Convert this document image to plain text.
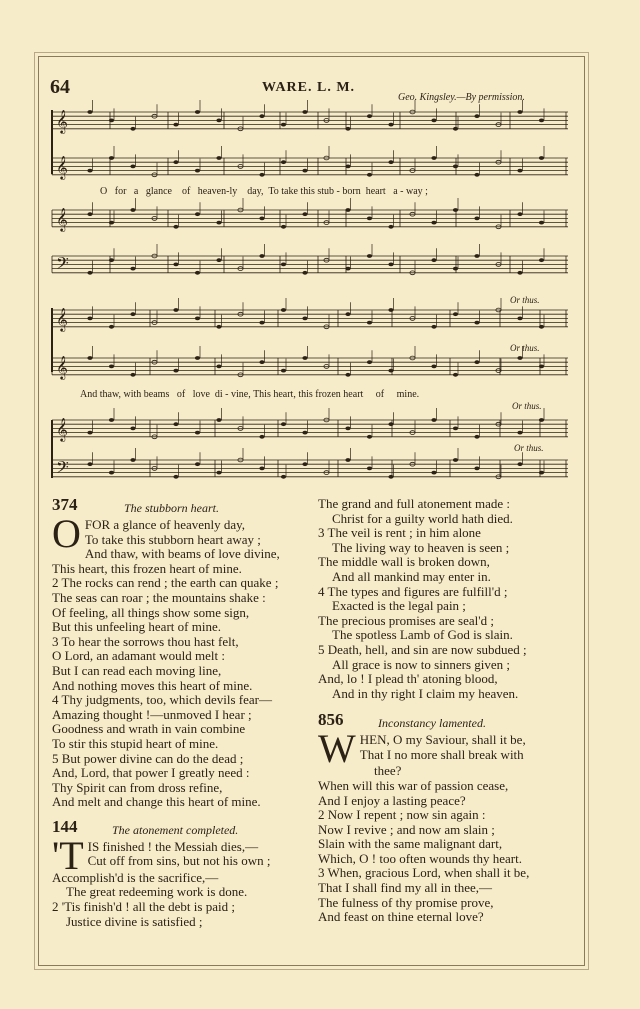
64	WARE. L. M.
Geo. Kingsley.—By permission.
𝄞
𝄞
𝄞
𝄢
𝄞
𝄞
𝄞
𝄢
O for a glance of heaven-ly day, To take this stub - born heart a - way ;
And thaw, with beams of love di - vine, This heart, this frozen heart of mine.
Or thus.
Or thus.
Or thus.
Or thus.
374	The stubborn heart.
O FOR a glance of heavenly day,

To take this stubborn heart away ;

And thaw, with beams of love divine,

This heart, this frozen heart of mine.

2 The rocks can rend ; the earth can quake ;

The seas can roar ; the mountains shake :

Of feeling, all things show some sign,

But this unfeeling heart of mine.

3 To hear the sorrows thou hast felt,

O Lord, an adamant would melt :

But I can read each moving line,

And nothing moves this heart of mine.

4 Thy judgments, too, which devils fear—

Amazing thought !—unmoved I hear ;

Goodness and wrath in vain combine

To stir this stupid heart of mine.

5 But power divine can do the dead ;

And, Lord, that power I greatly need :

Thy Spirit can from dross refine,

And melt and change this heart of mine.

144	The atonement completed.
'T IS finished ! the Messiah dies,—

Cut off from sins, but not his own ;

Accomplish'd is the sacrifice,—

The great redeeming work is done.

2 'Tis finish'd ! all the debt is paid ;

Justice divine is satisfied ;

The grand and full atonement made :

Christ for a guilty world hath died.

3 The veil is rent ; in him alone

The living way to heaven is seen ;

The middle wall is broken down,

And all mankind may enter in.

4 The types and figures are fulfill'd ;

Exacted is the legal pain ;

The precious promises are seal'd ;

The spotless Lamb of God is slain.

5 Death, hell, and sin are now subdued ;

All grace is now to sinners given ;

And, lo ! I plead th' atoning blood,

And in thy right I claim my heaven.

856	Inconstancy lamented.
W HEN, O my Saviour, shall it be,

That I no more shall break with

thee?

When will this war of passion cease,

And I enjoy a lasting peace?

2 Now I repent ; now sin again :

Now I revive ; and now am slain ;

Slain with the same malignant dart,

Which, O ! too often wounds thy heart.

3 When, gracious Lord, when shall it be,

That I shall find my all in thee,—

The fulness of thy promise prove,

And feast on thine eternal love?
